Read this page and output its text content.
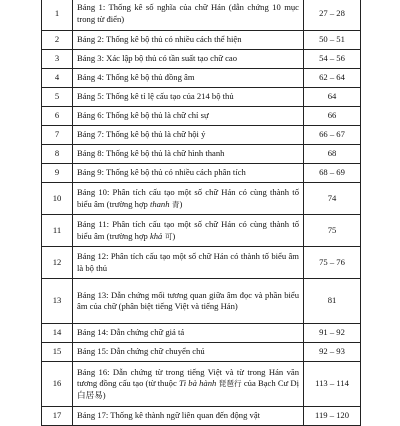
1	Bảng 1: Thống kê số nghĩa của chữ Hán (dẫn chứng 10 mục trong từ điển)	27 – 28
2	Bảng 2: Thống kê bộ thủ có nhiều cách thể hiện	50 – 51
3	Bảng 3: Xác lập bộ thủ có tần suất tạo chữ cao	54 – 56
4	Bảng 4: Thống kê bộ thủ đồng âm	62 – 64
5	Bảng 5: Thống kê tỉ lệ cấu tạo của 214 bộ thủ	64
6	Bảng 6: Thống kê bộ thủ là chữ chỉ sự	66
7	Bảng 7: Thống kê bộ thủ là chữ hội ý	66 – 67
8	Bảng 8: Thống kê bộ thủ là chữ hình thanh	68
9	Bảng 9: Thống kê bộ thủ có nhiều cách phân tích	68 – 69
10	Bảng 10: Phân tích cấu tạo một số chữ Hán có cùng thành tố biểu âm (trường hợp thanh 青)	74
11	Bảng 11: Phân tích cấu tạo một số chữ Hán có cùng thành tố biểu âm (trường hợp khả 可)	75
12	Bảng 12: Phân tích cấu tạo một số chữ Hán có thành tố biểu âm là bộ thủ	75 – 76
13	Bảng 13: Dẫn chứng mối tương quan giữa âm đọc và phần biểu âm của chữ (phân biệt tiếng Việt và tiếng Hán)	81
14	Bảng 14: Dẫn chứng chữ giả tá	91 – 92
15	Bảng 15: Dẫn chứng chữ chuyển chú	92 – 93
16	Bảng 16: Dẫn chứng từ trong tiếng Việt và từ trong Hán văn tương đồng cấu tạo (từ thuộc Tì bà hành 琵琶行 của Bạch Cư Dị 白居易)	113 – 114
17	Bảng 17: Thống kê thành ngữ liên quan đến động vật	119 – 120
